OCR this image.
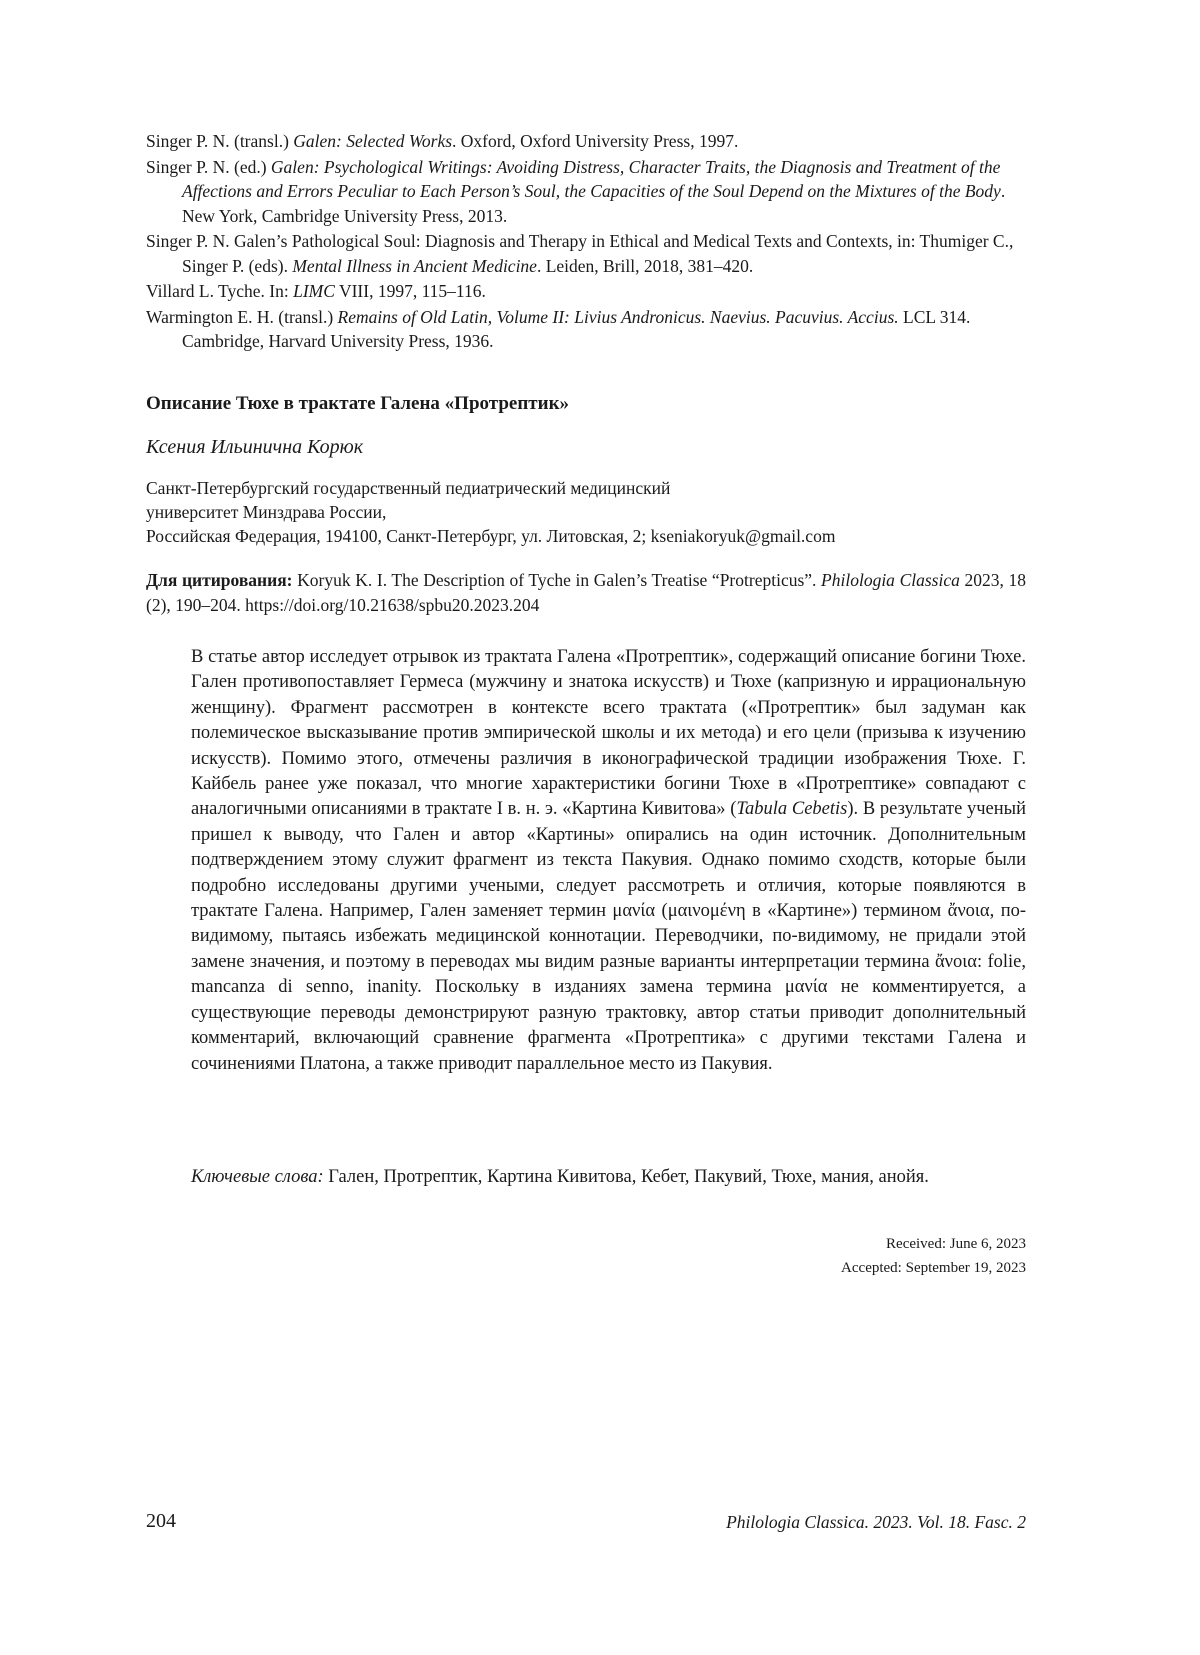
Singer P. N. (transl.) Galen: Selected Works. Oxford, Oxford University Press, 1997.
Singer P. N. (ed.) Galen: Psychological Writings: Avoiding Distress, Character Traits, the Diagnosis and Treatment of the Affections and Errors Peculiar to Each Person’s Soul, the Capacities of the Soul Depend on the Mixtures of the Body. New York, Cambridge University Press, 2013.
Singer P. N. Galen’s Pathological Soul: Diagnosis and Therapy in Ethical and Medical Texts and Contexts, in: Thumiger C., Singer P. (eds). Mental Illness in Ancient Medicine. Leiden, Brill, 2018, 381–420.
Villard L. Tyche. In: LIMC VIII, 1997, 115–116.
Warmington E. H. (transl.) Remains of Old Latin, Volume II: Livius Andronicus. Naevius. Pacuvius. Accius. LCL 314. Cambridge, Harvard University Press, 1936.
Описание Тюхе в трактате Галена «Протрептик»
Ксения Ильинична Корюк
Санкт-Петербургский государственный педиатрический медицинский
университет Минздрава России,
Российская Федерация, 194100, Санкт-Петербург, ул. Литовская, 2; kseniakoryuk@gmail.com
Для цитирования: Koryuk K. I. The Description of Tyche in Galen’s Treatise “Protrepticus”. Philologia Classica 2023, 18 (2), 190–204. https://doi.org/10.21638/spbu20.2023.204

В статье автор исследует отрывок из трактата Галена «Протрептик», содержащий описание богини Тюхе. Гален противопоставляет Гермеса (мужчину и знатока искусств) и Тюхе (капризную и иррациональную женщину). Фрагмент рассмотрен в контексте всего трактата («Протрептик» был задуман как полемическое высказывание против эмпирической школы и их метода) и его цели (призыва к изучению искусств). Помимо этого, отмечены различия в иконографической традиции изображения Тюхе. Г. Кайбель ранее уже показал, что многие характеристики богини Тюхе в «Протрептике» совпадают с аналогичными описаниями в трактате I в. н. э. «Картина Кивитова» (Tabula Cebetis). В результате ученый пришел к выводу, что Гален и автор «Картины» опирались на один источник. Дополнительным подтверждением этому служит фрагмент из текста Пакувия. Однако помимо сходств, которые были подробно исследованы другими учеными, следует рассмотреть и отличия, которые появляются в трактате Галена. Например, Гален заменяет термин μανία (μαινομένη в «Картине») термином ἄνοια, по-видимому, пытаясь избежать медицинской коннотации. Переводчики, по-видимому, не придали этой замене значения, и поэтому в переводах мы видим разные варианты интерпретации термина ἄνοια: folie, mancanza di senno, inanity. Поскольку в изданиях замена термина μανία не комментируется, а существующие переводы демонстрируют разную трактовку, автор статьи приводит дополнительный комментарий, включающий сравнение фрагмента «Протрептика» с другими текстами Галена и сочинениями Платона, а также приводит параллельное место из Пакувия.

Ключевые слова: Гален, Протрептик, Картина Кивитова, Кебет, Пакувий, Тюхе, мания, анойя.
Received: June 6, 2023
Accepted: September 19, 2023
204	Philologia Classica. 2023. Vol. 18. Fasc. 2
